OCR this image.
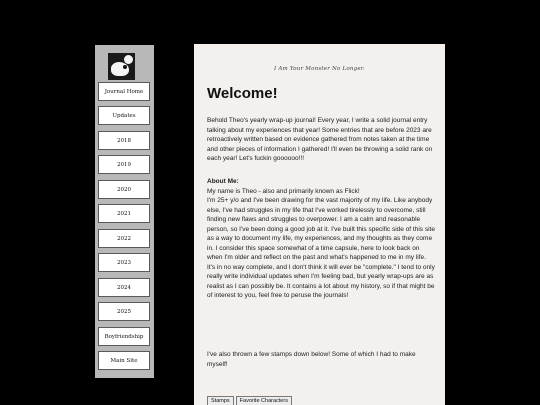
Journal Home
Updates
2018
2019
2020
2021
2022
2023
2024
2025
Boyfriendship
Main Site
I Am Your Monster No Longer.
Welcome!

Behold Theo's yearly wrap-up journal! Every year, I write a solid journal entry talking about my experiences that year! Some entries that are before 2023 are retroactively written based on evidence gathered from notes taken at the time and other pieces of information I gathered! I'll even be throwing a solid rank on each year! Let's fuckin goooooo!!!

About Me:
My name is Theo - also and primarily known as Flick!
I'm 25+ y/o and I've been drawing for the vast majority of my life. Like anybody else, I've had struggles in my life that I've worked tirelessly to overcome, still finding new flaws and struggles to overpower. I am a calm and reasonable person, so I've been doing a good job at it. I've built this specific side of this site as a way to document my life, my experiences, and my thoughts as they come in. I consider this space somewhat of a time capsule, here to look back on when I'm older and reflect on the past and what's happened to me in my life. It's in no way complete, and I don't think it will ever be "complete." I tend to only really write individual updates when I'm feeling bad, but yearly wrap-ups are as realist as I can possibly be. It contains a lot about my history, so if that might be of interest to you, feel free to peruse the journals!

I've also thrown a few stamps down below! Some of which I had to make myself!

Stamps	Favorite Characters
